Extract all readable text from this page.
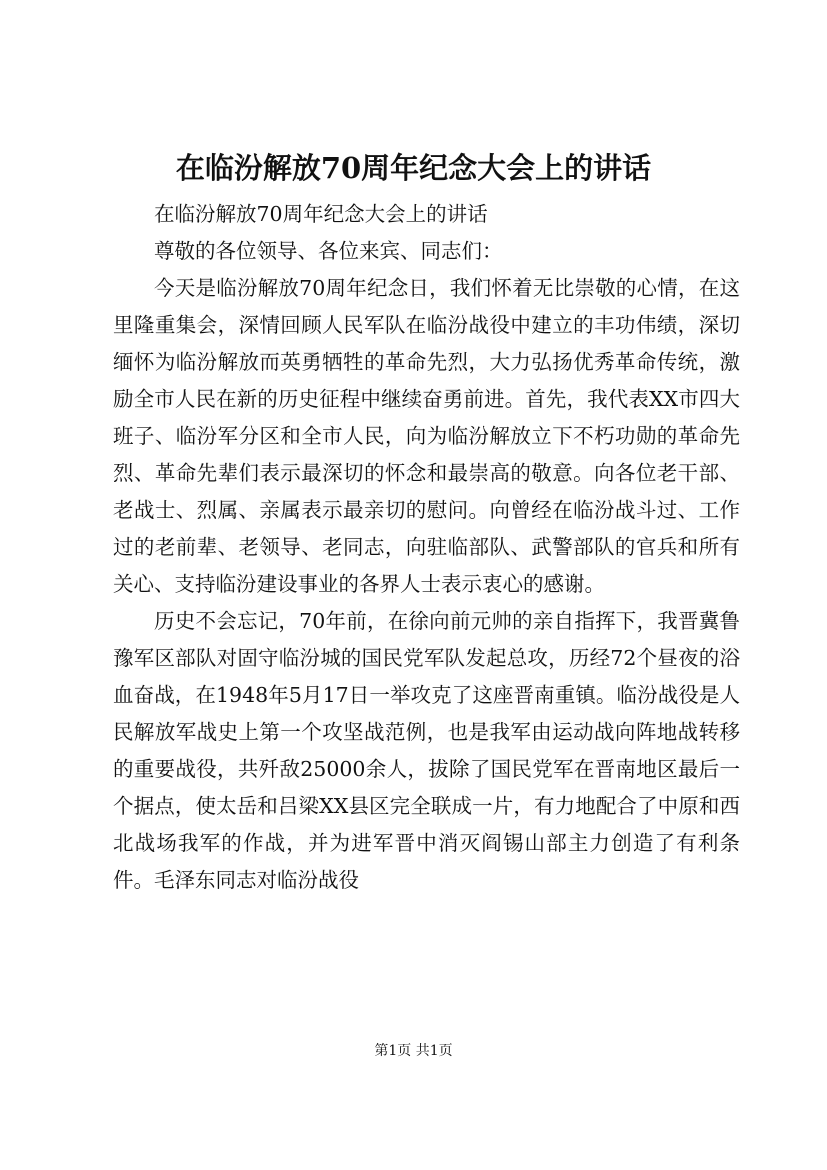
在临汾解放70周年纪念大会上的讲话

在临汾解放70周年纪念大会上的讲话

尊敬的各位领导、各位来宾、同志们：

今天是临汾解放70周年纪念日，我们怀着无比崇敬的心情，在这里隆重集会，深情回顾人民军队在临汾战役中建立的丰功伟绩，深切缅怀为临汾解放而英勇牺牲的革命先烈，大力弘扬优秀革命传统，激励全市人民在新的历史征程中继续奋勇前进。首先，我代表XX市四大班子、临汾军分区和全市人民，向为临汾解放立下不朽功勋的革命先烈、革命先辈们表示最深切的怀念和最崇高的敬意。向各位老干部、老战士、烈属、亲属表示最亲切的慰问。向曾经在临汾战斗过、工作过的老前辈、老领导、老同志，向驻临部队、武警部队的官兵和所有关心、支持临汾建设事业的各界人士表示衷心的感谢。

历史不会忘记，70年前，在徐向前元帅的亲自指挥下，我晋冀鲁豫军区部队对固守临汾城的国民党军队发起总攻，历经72个昼夜的浴血奋战，在1948年5月17日一举攻克了这座晋南重镇。临汾战役是人民解放军战史上第一个攻坚战范例，也是我军由运动战向阵地战转移的重要战役，共歼敌25000余人，拔除了国民党军在晋南地区最后一个据点，使太岳和吕梁XX县区完全联成一片，有力地配合了中原和西北战场我军的作战，并为进军晋中消灭阎锡山部主力创造了有利条件。毛泽东同志对临汾战役

第1页 共1页
